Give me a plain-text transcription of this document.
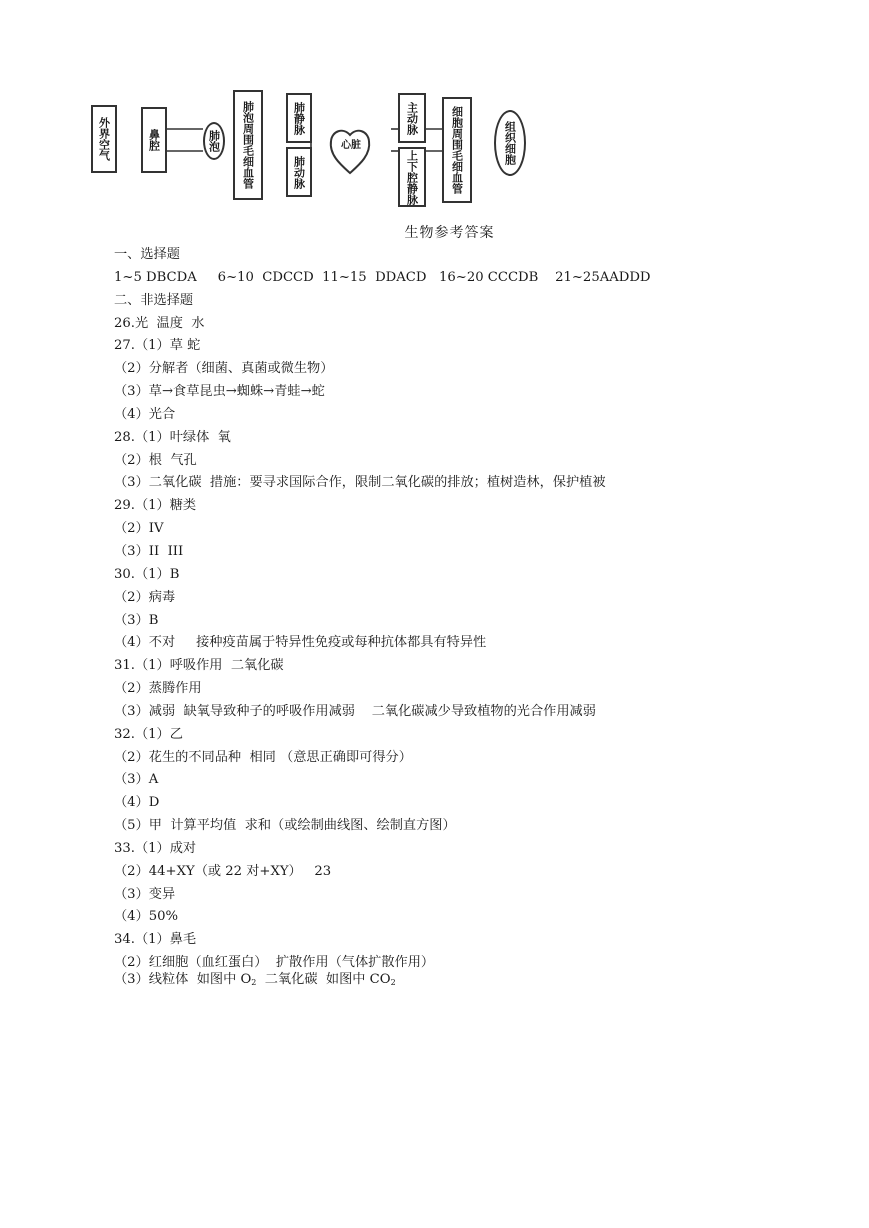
外界空气	鼻腔	肺泡 肺泡周围毛细血管	肺静脉
肺动脉
心脏
主动脉
上下腔静脉	细胞周围毛细血管	组织细胞
生物参考答案
一、选择题
1~5 DBCDA     6~10  CDCCD  11~15  DDACD   16~20 CCCDB    21~25AADDD
二、非选择题
26.光  温度  水
27.（1）草 蛇
（2）分解者（细菌、真菌或微生物）
（3）草→食草昆虫→蜘蛛→青蛙→蛇
（4）光合
28.（1）叶绿体  氧
（2）根  气孔
（3）二氧化碳  措施：要寻求国际合作，限制二氧化碳的排放；植树造林，保护植被
29.（1）糖类
（2）IV
（3）II  III
30.（1）B
（2）病毒
（3）B
（4）不对     接种疫苗属于特异性免疫或每种抗体都具有特异性
31.（1）呼吸作用  二氧化碳
（2）蒸腾作用
（3）减弱  缺氧导致种子的呼吸作用减弱    二氧化碳减少导致植物的光合作用减弱
32.（1）乙
（2）花生的不同品种  相同 （意思正确即可得分）
（3）A
（4）D
（5）甲  计算平均值  求和（或绘制曲线图、绘制直方图）
33.（1）成对
（2）44+XY（或 22 对+XY）   23
（3）变异
（4）50%
34.（1）鼻毛
（2）红细胞（血红蛋白）  扩散作用（气体扩散作用）
（3）线粒体  如图中 $O_2$  二氧化碳  如图中 $CO_2$
